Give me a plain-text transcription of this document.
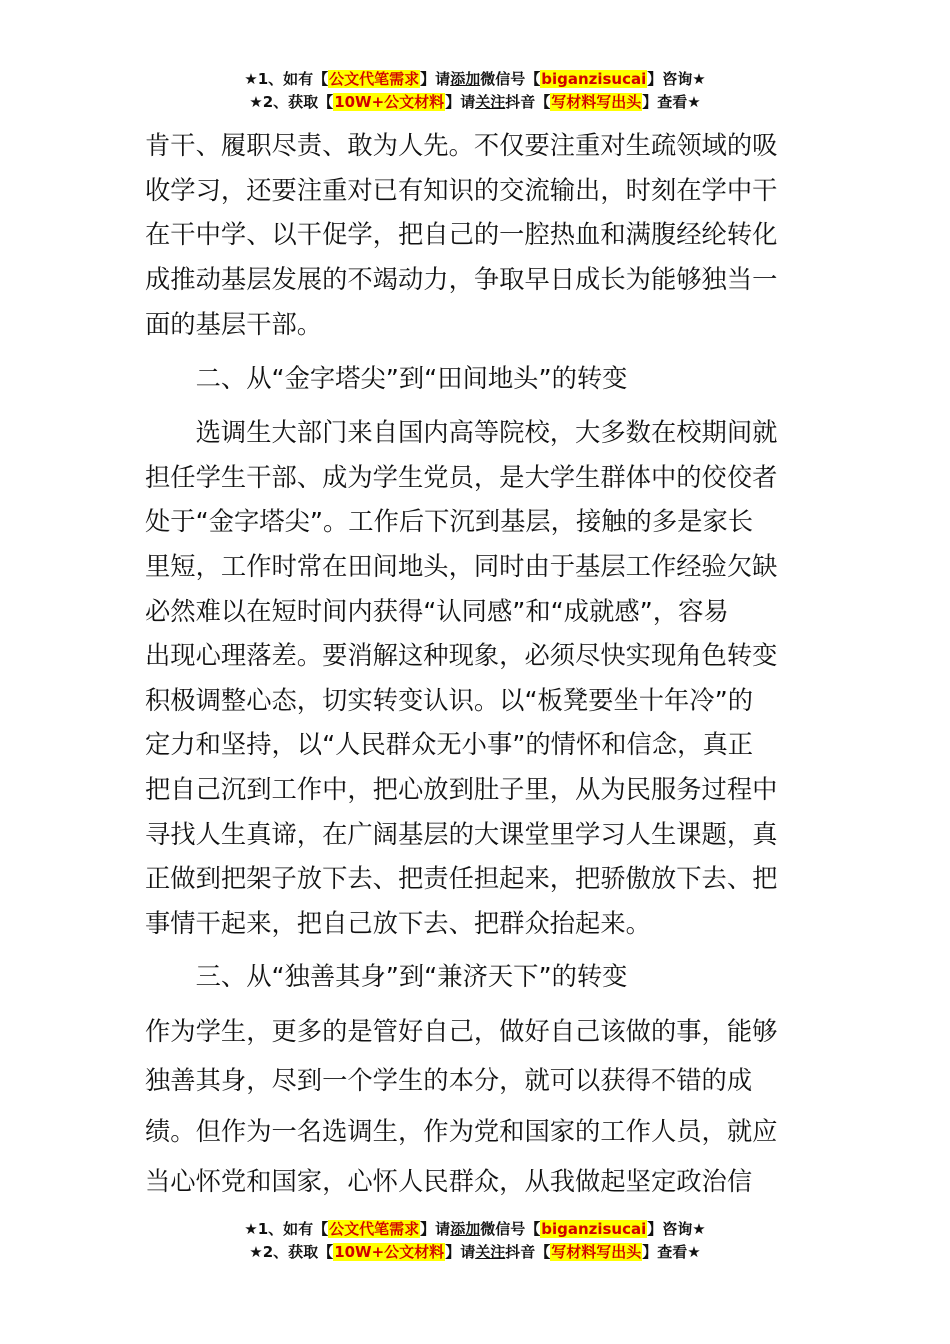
★1、如有【公文代笔需求】请添加微信号【biganzisucai】咨询★
★2、获取【10W+公文材料】请关注抖音【写材料写出头】查看★
肯干、履职尽责、敢为人先。不仅要注重对生疏领域的吸
收学习，还要注重对已有知识的交流输出，时刻在学中干
在干中学、以干促学，把自己的一腔热血和满腹经纶转化
成推动基层发展的不竭动力，争取早日成长为能够独当一
面的基层干部。
　　二、从“金字塔尖”到“田间地头”的转变
　　选调生大部门来自国内高等院校，大多数在校期间就
担任学生干部、成为学生党员，是大学生群体中的佼佼者
处于“金字塔尖”。工作后下沉到基层，接触的多是家长
里短，工作时常在田间地头，同时由于基层工作经验欠缺
必然难以在短时间内获得“认同感”和“成就感”，容易
出现心理落差。要消解这种现象，必须尽快实现角色转变
积极调整心态，切实转变认识。以“板凳要坐十年冷”的
定力和坚持，以“人民群众无小事”的情怀和信念，真正
把自己沉到工作中，把心放到肚子里，从为民服务过程中
寻找人生真谛，在广阔基层的大课堂里学习人生课题，真
正做到把架子放下去、把责任担起来，把骄傲放下去、把
事情干起来，把自己放下去、把群众抬起来。
　　三、从“独善其身”到“兼济天下”的转变
作为学生，更多的是管好自己，做好自己该做的事，能够
独善其身，尽到一个学生的本分，就可以获得不错的成
绩。但作为一名选调生，作为党和国家的工作人员，就应
当心怀党和国家，心怀人民群众，从我做起坚定政治信
★1、如有【公文代笔需求】请添加微信号【biganzisucai】咨询★
★2、获取【10W+公文材料】请关注抖音【写材料写出头】查看★
